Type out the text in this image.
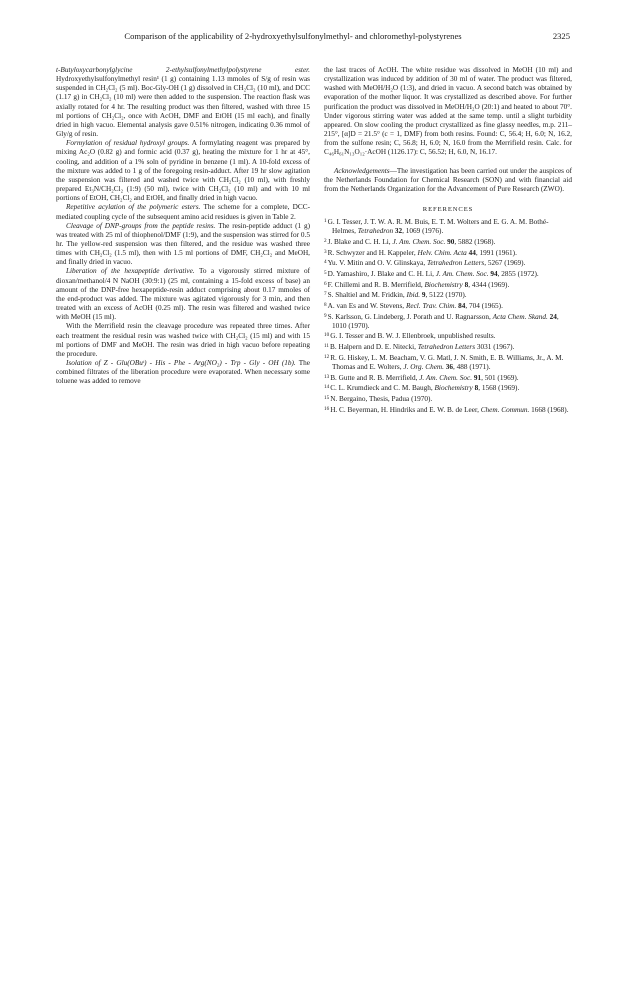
Comparison of the applicability of 2-hydroxyethylsulfonylmethyl- and chloromethyl-polystyrenes	2325

t-Butyloxycarbonylglycine 2-ethylsulfonylmethylpolystyrene ester. Hydroxyethylsulfonylmethyl resin¹ (1 g) containing 1.13 mmoles of S/g of resin was suspended in CH₂Cl₂ (5 ml). Boc-Gly-OH (1 g) dissolved in CH₂Cl₂ (10 ml), and DCC (1.17 g) in CH₂Cl₂ (10 ml) were then added to the suspension. The reaction flask was axially rotated for 4 hr. The resulting product was then filtered, washed with three 15 ml portions of CH₂Cl₂, once with AcOH, DMF and EtOH (15 ml each), and finally dried in high vacuo. Elemental analysis gave 0.51% nitrogen, indicating 0.36 mmol of Gly/g of resin.

Formylation of residual hydroxyl groups. A formylating reagent was prepared by mixing Ac₂O (0.82 g) and formic acid (0.37 g), heating the mixture for 1 hr at 45°, cooling, and addition of a 1% soln of pyridine in benzene (1 ml). A 10-fold excess of the mixture was added to 1 g of the foregoing resin-adduct. After 19 hr slow agitation the suspension was filtered and washed twice with CH₂Cl₂ (10 ml), with freshly prepared Et₃N/CH₂Cl₂ (1:9) (50 ml), twice with CH₂Cl₂ (10 ml) and with 10 ml portions of EtOH, CH₂Cl₂ and EtOH, and finally dried in high vacuo.

Repetitive acylation of the polymeric esters. The scheme for a complete, DCC-mediated coupling cycle of the subsequent amino acid residues is given in Table 2.

Cleavage of DNP-groups from the peptide resins. The resin-peptide adduct (1 g) was treated with 25 ml of thiophenol/DMF (1:9), and the suspension was stirred for 0.5 hr. The yellow-red suspension was then filtered, and the residue was washed three times with CH₂Cl₂ (1.5 ml), then with 1.5 ml portions of DMF, CH₂Cl₂ and MeOH, and finally dried in vacuo.

Liberation of the hexapeptide derivative. To a vigorously stirred mixture of dioxan/methanol/4 N NaOH (30:9:1) (25 ml, containing a 15-fold excess of base) an amount of the DNP-free hexapeptide-resin adduct comprising about 0.17 mmoles of the end-product was added. The mixture was agitated vigorously for 3 min, and then treated with an excess of AcOH (0.25 ml). The resin was filtered and washed twice with MeOH (15 ml).

With the Merrifield resin the cleavage procedure was repeated three times. After each treatment the residual resin was washed twice with CH₂Cl₂ (15 ml) and with 15 ml portions of DMF and MeOH. The resin was dried in high vacuo before repeating the procedure.

Isolation of Z - Glu(OBuᵗ) - His - Phe - Arg(NO₂) - Trp - Gly - OH (1b). The combined filtrates of the liberation procedure were evaporated. When necessary some toluene was added to remove

the last traces of AcOH. The white residue was dissolved in MeOH (10 ml) and crystallization was induced by addition of 30 ml of water. The product was filtered, washed with MeOH/H₂O (1:3), and dried in vacuo. A second batch was obtained by evaporation of the mother liquor. It was crystallized as described above. For further purification the product was dissolved in MeOH/H₂O (20:1) and heated to about 70°. Under vigorous stirring water was added at the same temp. until a slight turbidity appeared. On slow cooling the product crystallized as fine glassy needles, m.p. 211–215°, [α]D = 21.5° (c = 1, DMF) from both resins. Found: C, 56.4; H, 6.0; N, 16.2, from the sulfone resin; C, 56.8; H, 6.0; N, 16.0 from the Merrifield resin. Calc. for C₄₆H₆₁N₁₃O₁₂·AcOH (1126.17): C, 56.52; H, 6.0, N, 16.17.

Acknowledgements—The investigation has been carried out under the auspices of the Netherlands Foundation for Chemical Research (SON) and with financial aid from the Netherlands Organization for the Advancement of Pure Research (ZWO).

REFERENCES
$^1$G. I. Tesser, J. T. W. A. R. M. Buis, E. T. M. Wolters and E. G. A. M. Bothé-Helmes, Tetrahedron 32, 1069 (1976).
$^2$J. Blake and C. H. Li, J. Am. Chem. Soc. 90, 5882 (1968).
$^3$R. Schwyzer and H. Kappeler, Helv. Chim. Acta 44, 1991 (1961).
$^4$Yu. V. Mitin and O. V. Glinskaya, Tetrahedron Letters, 5267 (1969).
$^5$D. Yamashiro, J. Blake and C. H. Li, J. Am. Chem. Soc. 94, 2855 (1972).
$^6$F. Chillemi and R. B. Merrifield, Biochemistry 8, 4344 (1969).
$^7$S. Shaltiel and M. Fridkin, Ibid. 9, 5122 (1970).
$^8$A. van Es and W. Stevens, Recl. Trav. Chim. 84, 704 (1965).
$^9$S. Karlsson, G. Lindeberg, J. Porath and U. Ragnarsson, Acta Chem. Skand. 24, 1010 (1970).
$^{10}$G. I. Tesser and B. W. J. Ellenbroek, unpublished results.
$^{11}$B. Halpern and D. E. Nitecki, Tetrahedron Letters 3031 (1967).
$^{12}$R. G. Hiskey, L. M. Beacham, V. G. Matl, J. N. Smith, E. B. Williams, Jr., A. M. Thomas and E. Wolters, J. Org. Chem. 36, 488 (1971).
$^{13}$B. Gutte and R. B. Merrifield, J. Am. Chem. Soc. 91, 501 (1969).
$^{14}$C. L. Krumdieck and C. M. Baugh, Biochemistry 8, 1568 (1969).
$^{15}$N. Bergaino, Thesis, Padua (1970).
$^{16}$H. C. Beyerman, H. Hindriks and E. W. B. de Leer, Chem. Commun. 1668 (1968).
